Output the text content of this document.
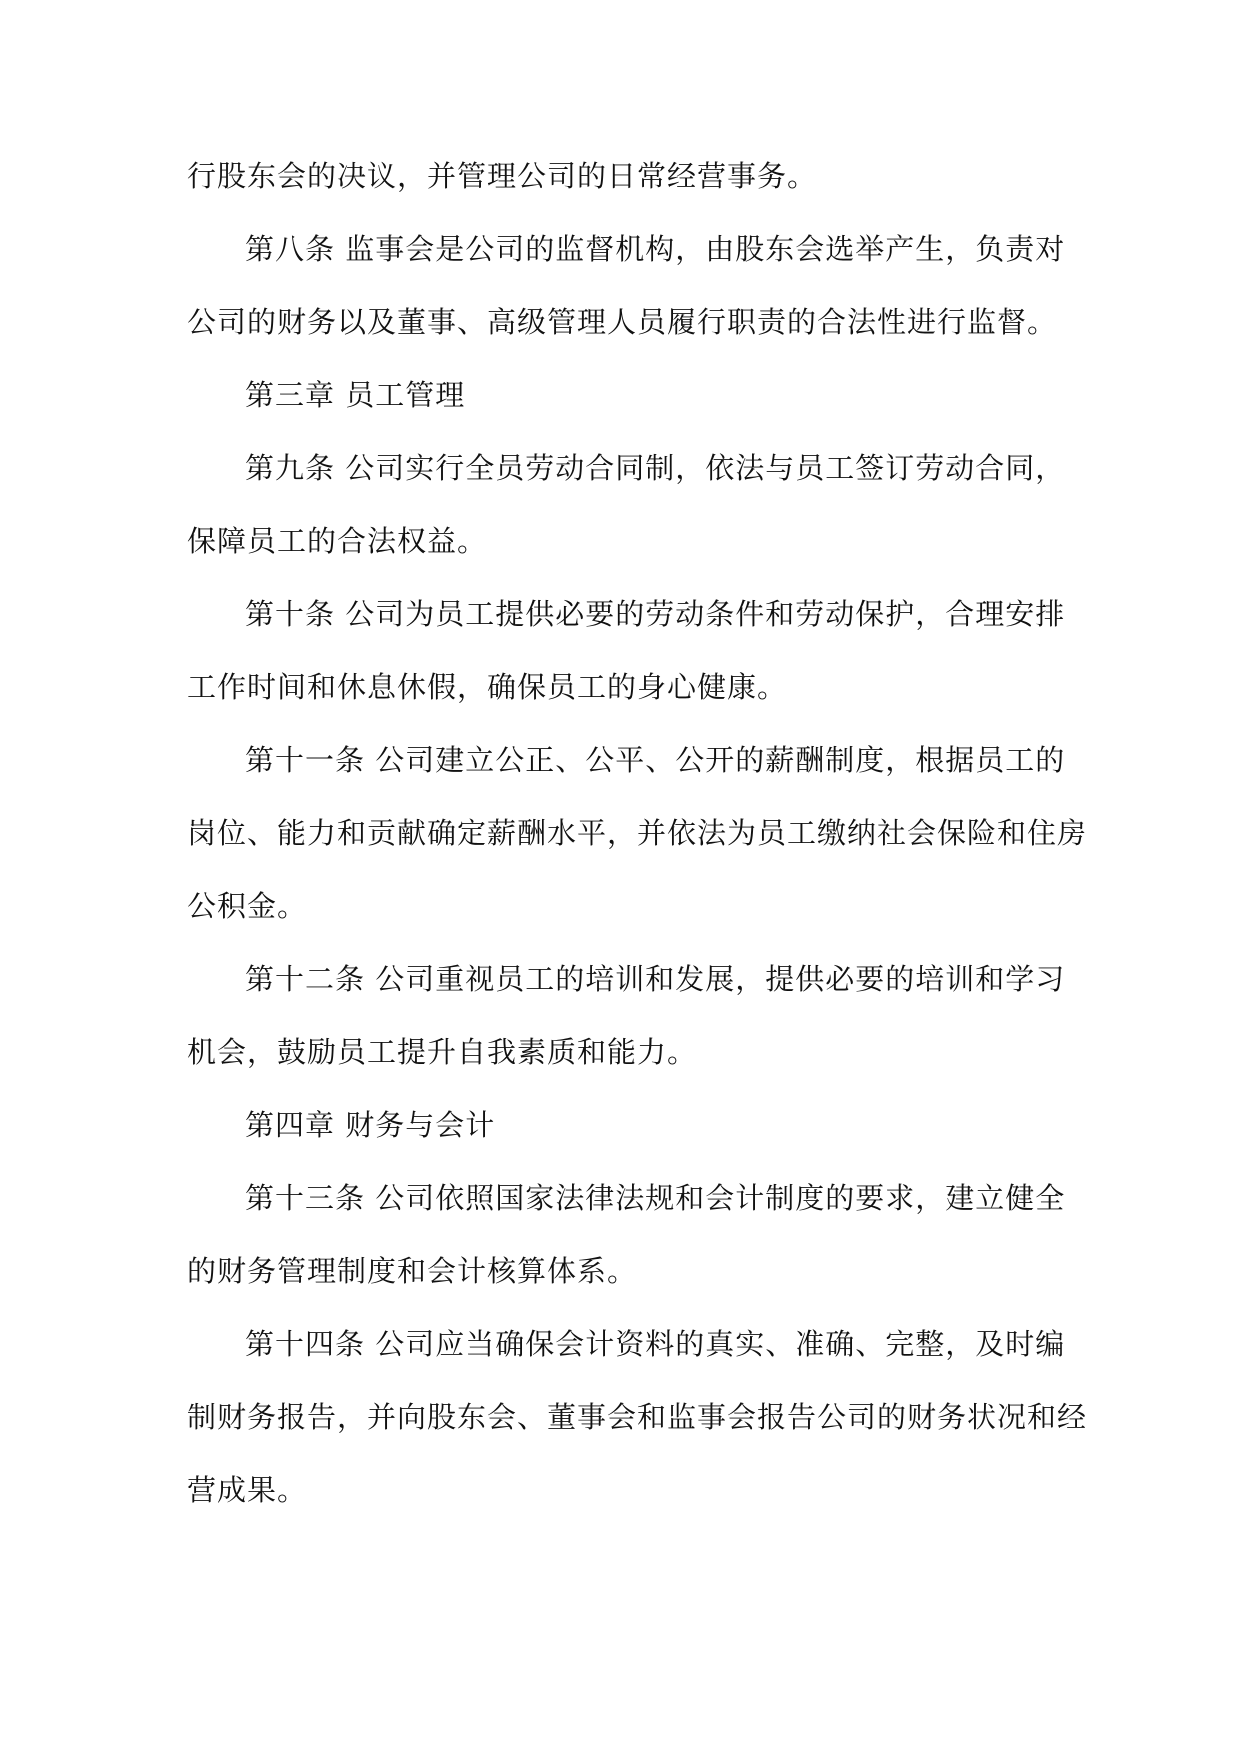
行股东会的决议，并管理公司的日常经营事务。
第八条 监事会是公司的监督机构，由股东会选举产生，负责对
公司的财务以及董事、高级管理人员履行职责的合法性进行监督。
第三章 员工管理
第九条 公司实行全员劳动合同制，依法与员工签订劳动合同，
保障员工的合法权益。
第十条 公司为员工提供必要的劳动条件和劳动保护，合理安排
工作时间和休息休假，确保员工的身心健康。
第十一条 公司建立公正、公平、公开的薪酬制度，根据员工的
岗位、能力和贡献确定薪酬水平，并依法为员工缴纳社会保险和住房
公积金。
第十二条 公司重视员工的培训和发展，提供必要的培训和学习
机会，鼓励员工提升自我素质和能力。
第四章 财务与会计
第十三条 公司依照国家法律法规和会计制度的要求，建立健全
的财务管理制度和会计核算体系。
第十四条 公司应当确保会计资料的真实、准确、完整，及时编
制财务报告，并向股东会、董事会和监事会报告公司的财务状况和经
营成果。
